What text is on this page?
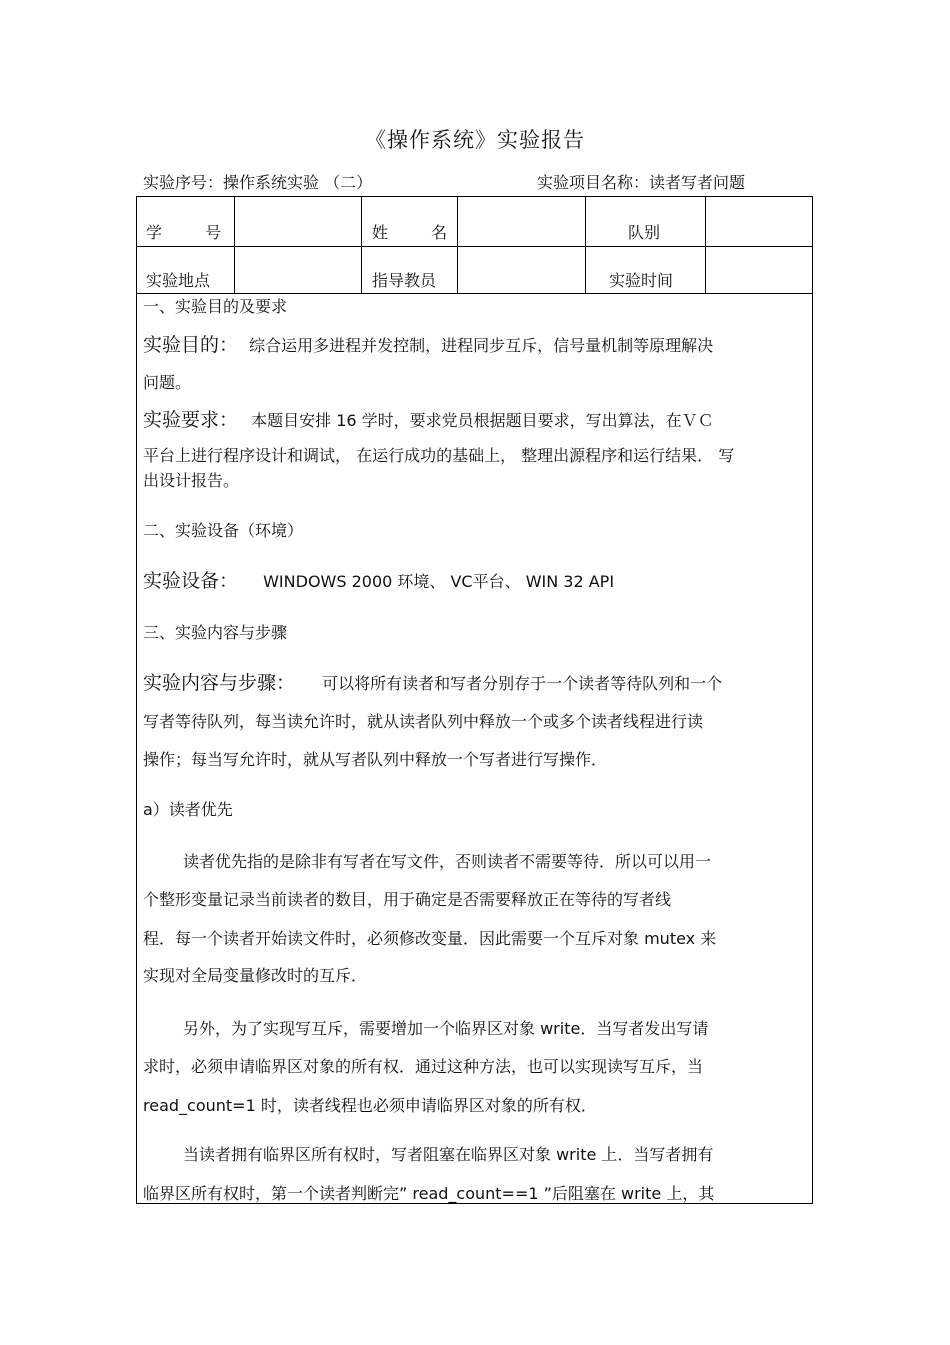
《操作系统》实验报告
实验序号：操作系统实验 （二）	实验项目名称：读者写者问题
学 号	姓 名	队别
实验地点	指导教员	实验时间
一、实验目的及要求
实验目的： 综合运用多进程并发控制，进程同步互斥，信号量机制等原理解决
问题。
实验要求： 本题目安排 16 学时，要求党员根据题目要求，写出算法，在ＶＣ
平台上进行程序设计和调试， 在运行成功的基础上， 整理出源程序和运行结果． 写
出设计报告。
二、实验设备（环境）
实验设备： WINDOWS 2000 环境、 VC平台、 WIN 32 API
三、实验内容与步骤
实验内容与步骤： 可以将所有读者和写者分别存于一个读者等待队列和一个
写者等待队列，每当读允许时，就从读者队列中释放一个或多个读者线程进行读
操作；每当写允许时，就从写者队列中释放一个写者进行写操作．
a）读者优先
读者优先指的是除非有写者在写文件，否则读者不需要等待．所以可以用一
个整形变量记录当前读者的数目，用于确定是否需要释放正在等待的写者线
程．每一个读者开始读文件时，必须修改变量．因此需要一个互斥对象 mutex 来
实现对全局变量修改时的互斥．
另外，为了实现写互斥，需要增加一个临界区对象 write．当写者发出写请
求时，必须申请临界区对象的所有权．通过这种方法，也可以实现读写互斥，当
read_count=1 时，读者线程也必须申请临界区对象的所有权．
当读者拥有临界区所有权时，写者阻塞在临界区对象 write 上．当写者拥有
临界区所有权时，第一个读者判断完” read_count==1 ”后阻塞在 write 上，其
